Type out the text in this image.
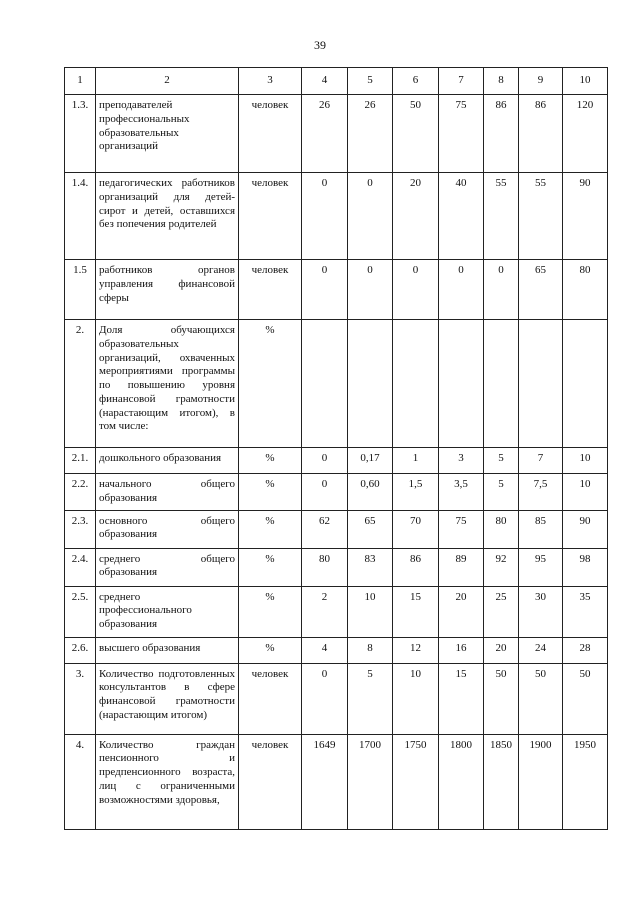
39
1	2	3	4	5	6	7	8	9	10
1.3.	преподавателей профессиональных образовательных организаций	человек	26	26	50	75	86	86	120
1.4.	педагогических работников организаций для детей-сирот и детей, оставшихся без попечения родителей	человек	0	0	20	40	55	55	90
1.5	работников органов управления финансовой сферы	человек	0	0	0	0	0	65	80
2.	Доля обучающихся образовательных организаций, охваченных мероприятиями программы по повышению уровня финансовой грамотности (нарастающим итогом), в том числе:	%							
2.1.	дошкольного образования	%	0	0,17	1	3	5	7	10
2.2.	начального общего образования	%	0	0,60	1,5	3,5	5	7,5	10
2.3.	основного общего образования	%	62	65	70	75	80	85	90
2.4.	среднего общего образования	%	80	83	86	89	92	95	98
2.5.	среднего профессионального образования	%	2	10	15	20	25	30	35
2.6.	высшего образования	%	4	8	12	16	20	24	28
3.	Количество подготовленных консультантов в сфере финансовой грамотности (нарастающим итогом)	человек	0	5	10	15	50	50	50
4.	Количество граждан пенсионного и предпенсионного возраста, лиц с ограниченными возможностями здоровья,	человек	1649	1700	1750	1800	1850	1900	1950
